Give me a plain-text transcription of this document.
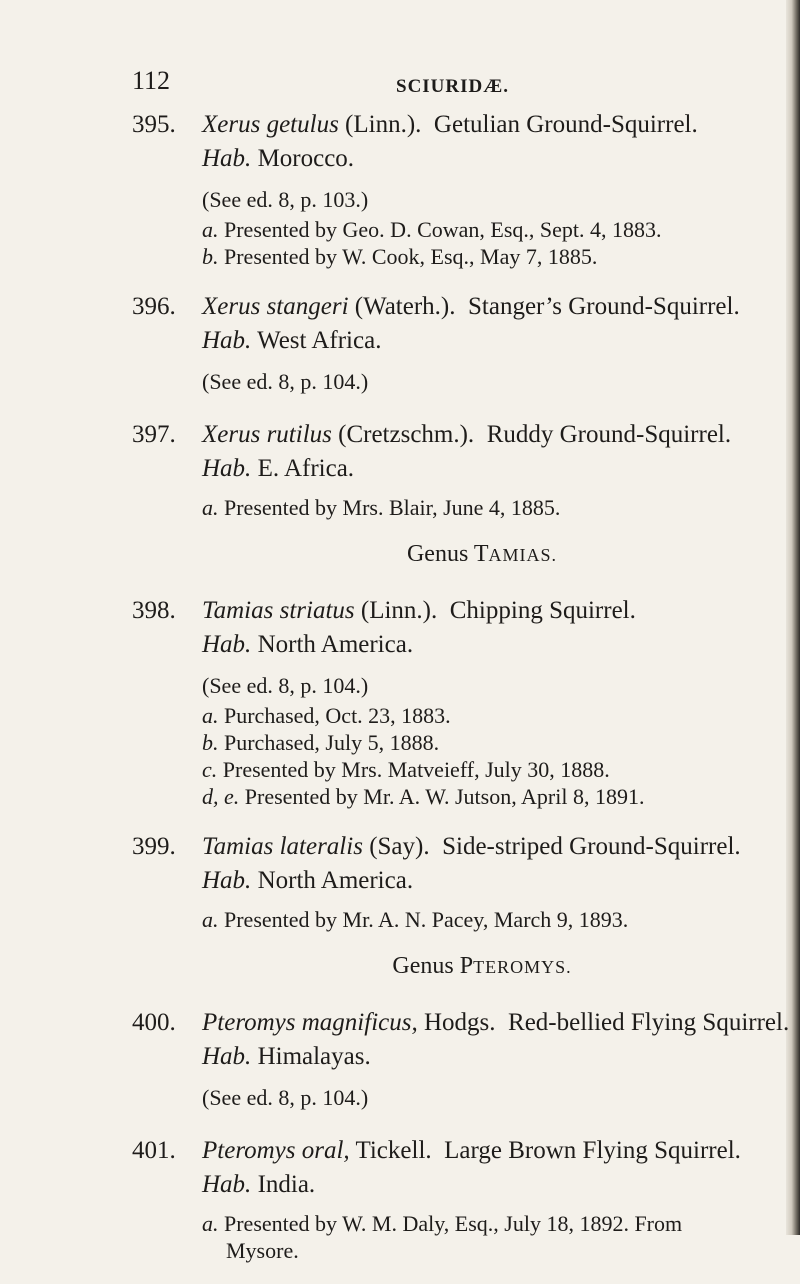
112	SCIURIDÆ.
395. Xerus getulus (Linn.). Getulian Ground-Squirrel.
Hab. Morocco.
(See ed. 8, p. 103.)
a. Presented by Geo. D. Cowan, Esq., Sept. 4, 1883.
b. Presented by W. Cook, Esq., May 7, 1885.
396. Xerus stangeri (Waterh.). Stanger’s Ground-Squirrel.
Hab. West Africa.
(See ed. 8, p. 104.)
397. Xerus rutilus (Cretzschm.). Ruddy Ground-Squirrel.
Hab. E. Africa.
a. Presented by Mrs. Blair, June 4, 1885.
Genus TAMIAS.
398. Tamias striatus (Linn.). Chipping Squirrel.
Hab. North America.
(See ed. 8, p. 104.)
a. Purchased, Oct. 23, 1883.
b. Purchased, July 5, 1888.
c. Presented by Mrs. Matveieff, July 30, 1888.
d, e. Presented by Mr. A. W. Jutson, April 8, 1891.
399. Tamias lateralis (Say). Side-striped Ground-Squirrel.
Hab. North America.
a. Presented by Mr. A. N. Pacey, March 9, 1893.
Genus PTEROMYS.
400. Pteromys magnificus, Hodgs. Red-bellied Flying Squirrel.
Hab. Himalayas.
(See ed. 8, p. 104.)
401. Pteromys oral, Tickell. Large Brown Flying Squirrel.
Hab. India.
a. Presented by W. M. Daly, Esq., July 18, 1892. From
Mysore.
